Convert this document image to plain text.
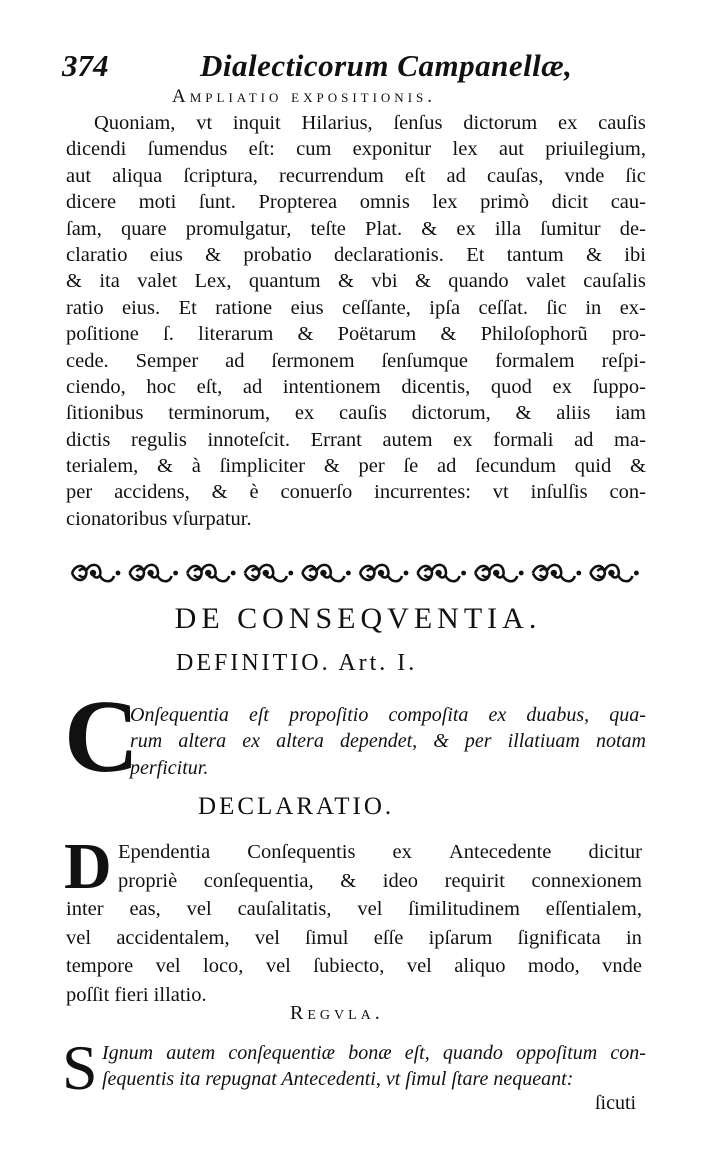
374	Dialecticorum Campanellæ,
Ampliatio expositionis.
Quoniam, vt inquit Hilarius, ſenſus dictorum ex cauſis
dicendi ſumendus eſt: cum exponitur lex aut priuilegium,
aut aliqua ſcriptura, recurrendum eſt ad cauſas, vnde ſic
dicere moti ſunt. Propterea omnis lex primò dicit cau-
ſam, quare promulgatur, teſte Plat. & ex illa ſumitur de-
claratio eius & probatio declarationis. Et tantum & ibi
& ita valet Lex, quantum & vbi & quando valet cauſalis
ratio eius. Et ratione eius ceſſante, ipſa ceſſat. ſic in ex-
poſitione ſ. literarum & Poëtarum & Philoſophorũ pro-
cede. Semper ad ſermonem ſenſumque formalem reſpi-
ciendo, hoc eſt, ad intentionem dicentis, quod ex ſuppo-
ſitionibus terminorum, ex cauſis dictorum, & aliis iam
dictis regulis innoteſcit. Errant autem ex formali ad ma-
terialem, & à ſimpliciter & per ſe ad ſecundum quid &
per accidens, & è conuerſo incurrentes: vt inſulſis con-
cionatoribus vſurpatur.
DE CONSEQVENTIA.
DEFINITIO. Art. I.
C
Onſequentia eſt propoſitio compoſita ex duabus, qua-
rum altera ex altera dependet, & per illatiuam notam
perficitur.
DECLARATIO.
D Ependentia Conſequentis ex Antecedente dicitur
propriè conſequentia, & ideo requirit connexionem
inter eas, vel cauſalitatis, vel ſimilitudinem eſſentialem,
vel accidentalem, vel ſimul eſſe ipſarum ſignificata in
tempore vel loco, vel ſubiecto, vel aliquo modo, vnde
poſſit fieri illatio.
Regvla.
S Ignum autem conſequentiæ bonæ eſt, quando oppoſitum con-
ſequentis ita repugnat Antecedenti, vt ſimul ſtare nequeant:
ſicuti
